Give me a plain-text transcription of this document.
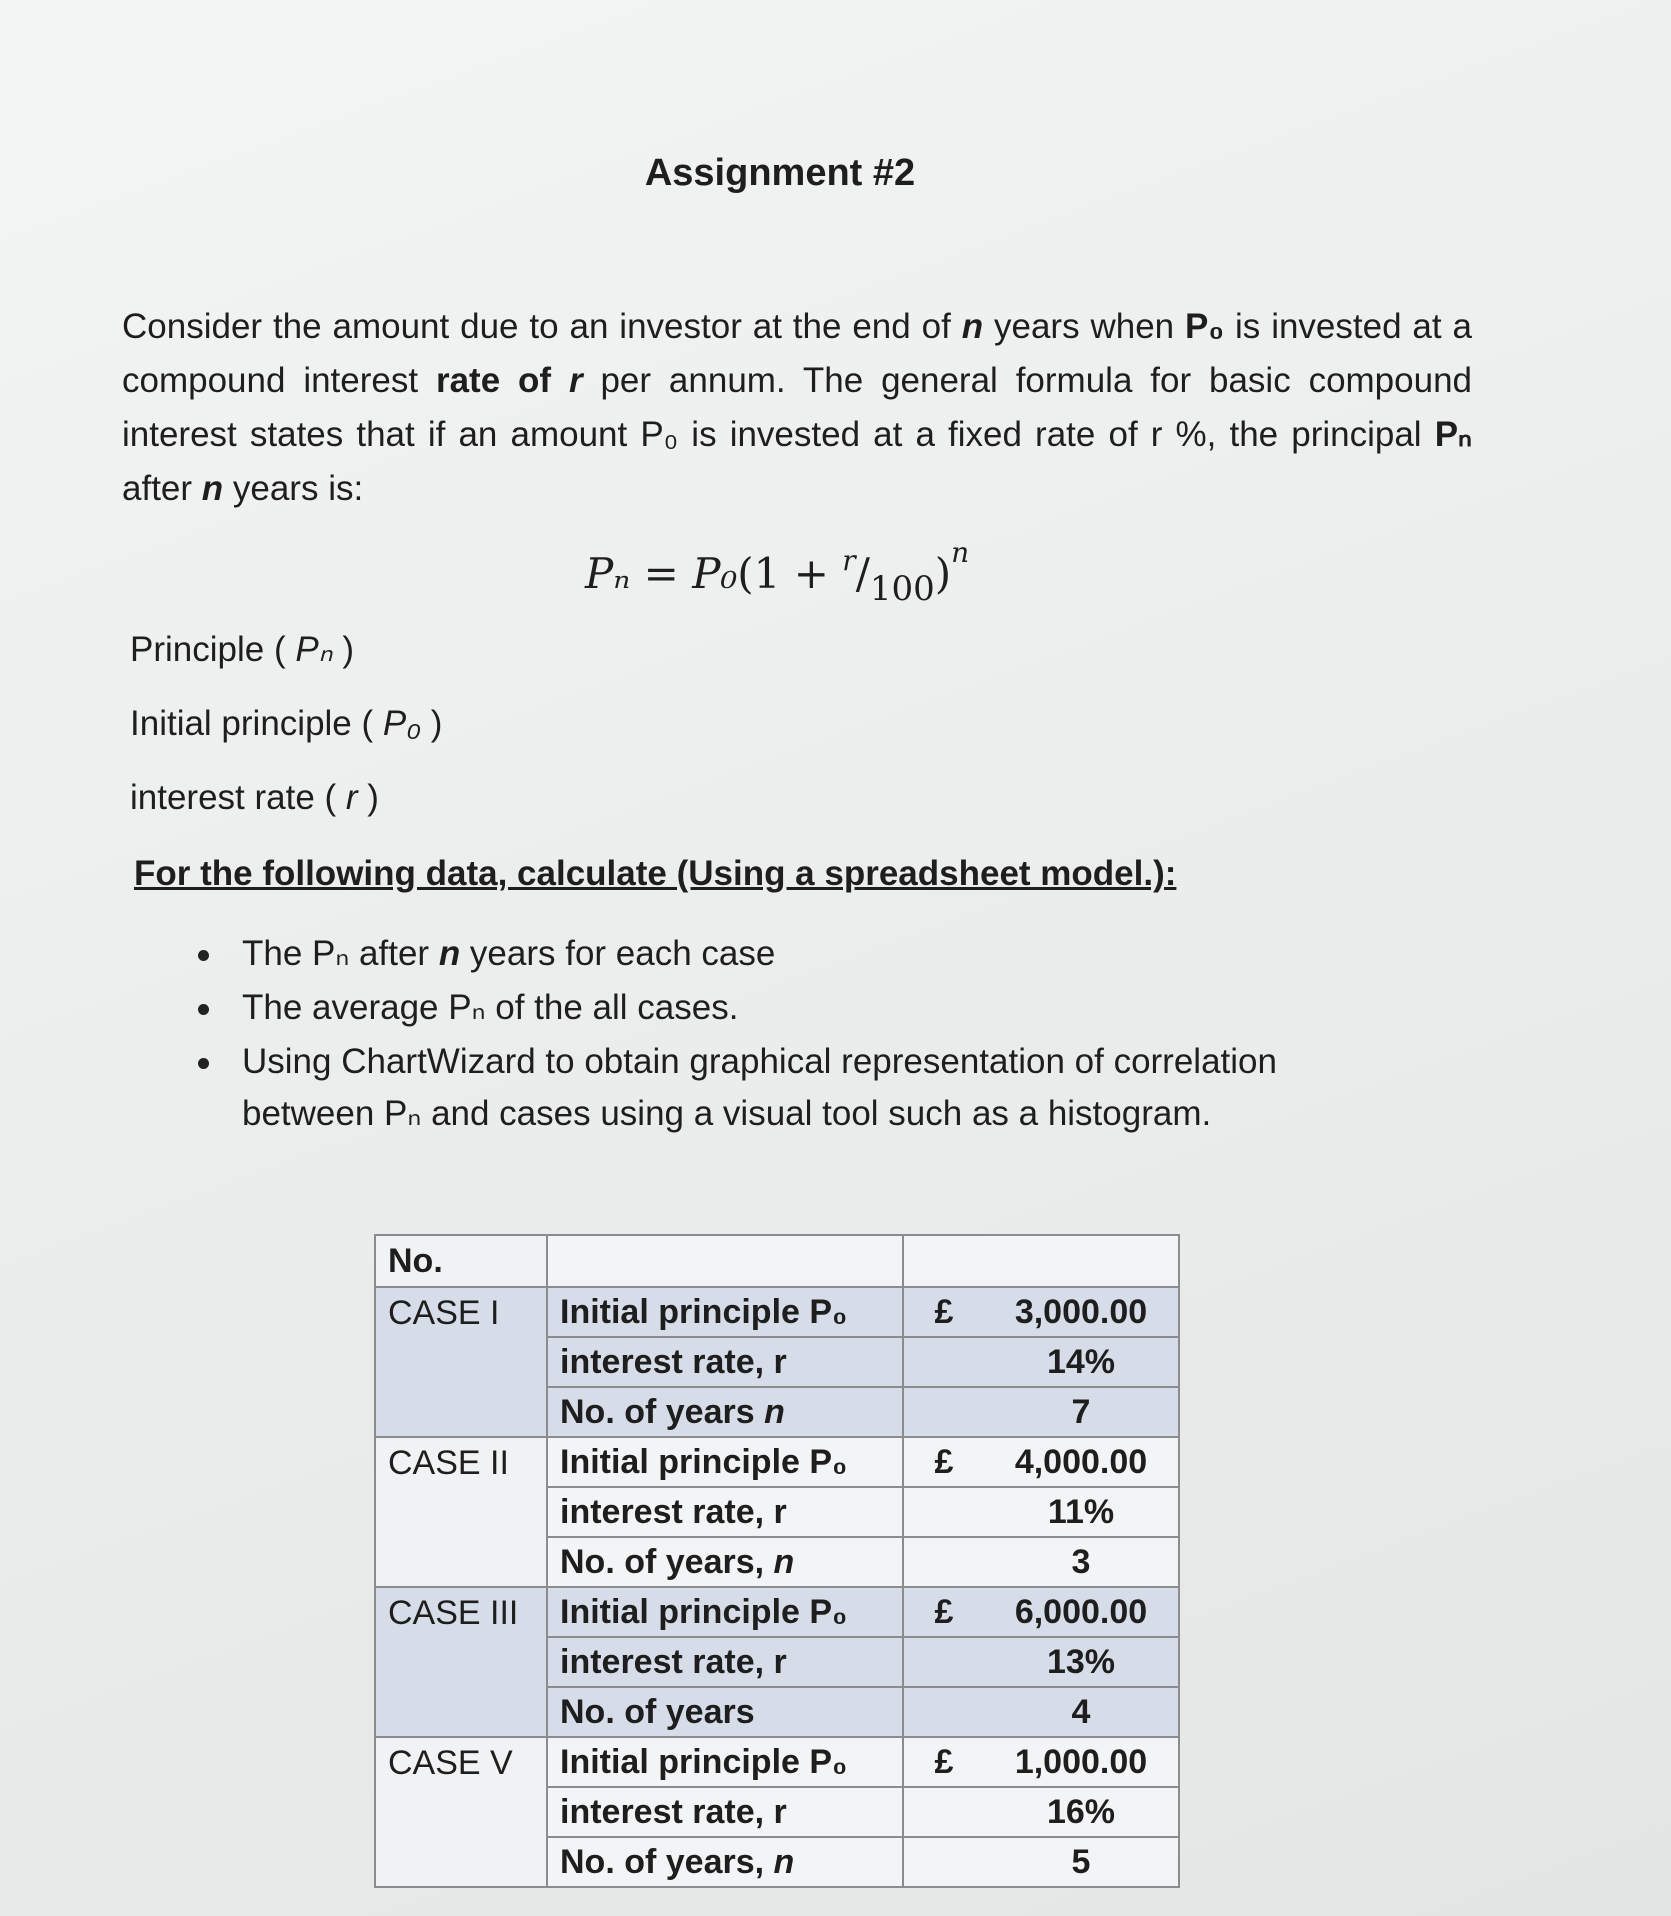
Assignment #2

Consider the amount due to an investor at the end of n years when P₀ is invested at a compound interest rate of r per annum. The general formula for basic compound interest states that if an amount P₀ is invested at a fixed rate of r %, the principal Pₙ after n years is:

$P_n = P_0(1 + ^r/_{100})^n$
Principle ( Pₙ )
Initial principle ( P₀ )
interest rate ( r )
For the following data, calculate (Using a spreadsheet model.):
The Pₙ after n years for each case
The average Pₙ of the all cases.
Using ChartWizard to obtain graphical representation of correlation between Pₙ and cases using a visual tool such as a histogram.
No.			
CASE I	Initial principle P₀	£	3,000.00
	interest rate, r		14%
	No. of years n		7
CASE II	Initial principle P₀	£	4,000.00
	interest rate, r		11%
	No. of years, n		3
CASE III	Initial principle P₀	£	6,000.00
	interest rate, r		13%
	No. of years		4
CASE V	Initial principle P₀	£	1,000.00
	interest rate, r		16%
	No. of years, n		5
